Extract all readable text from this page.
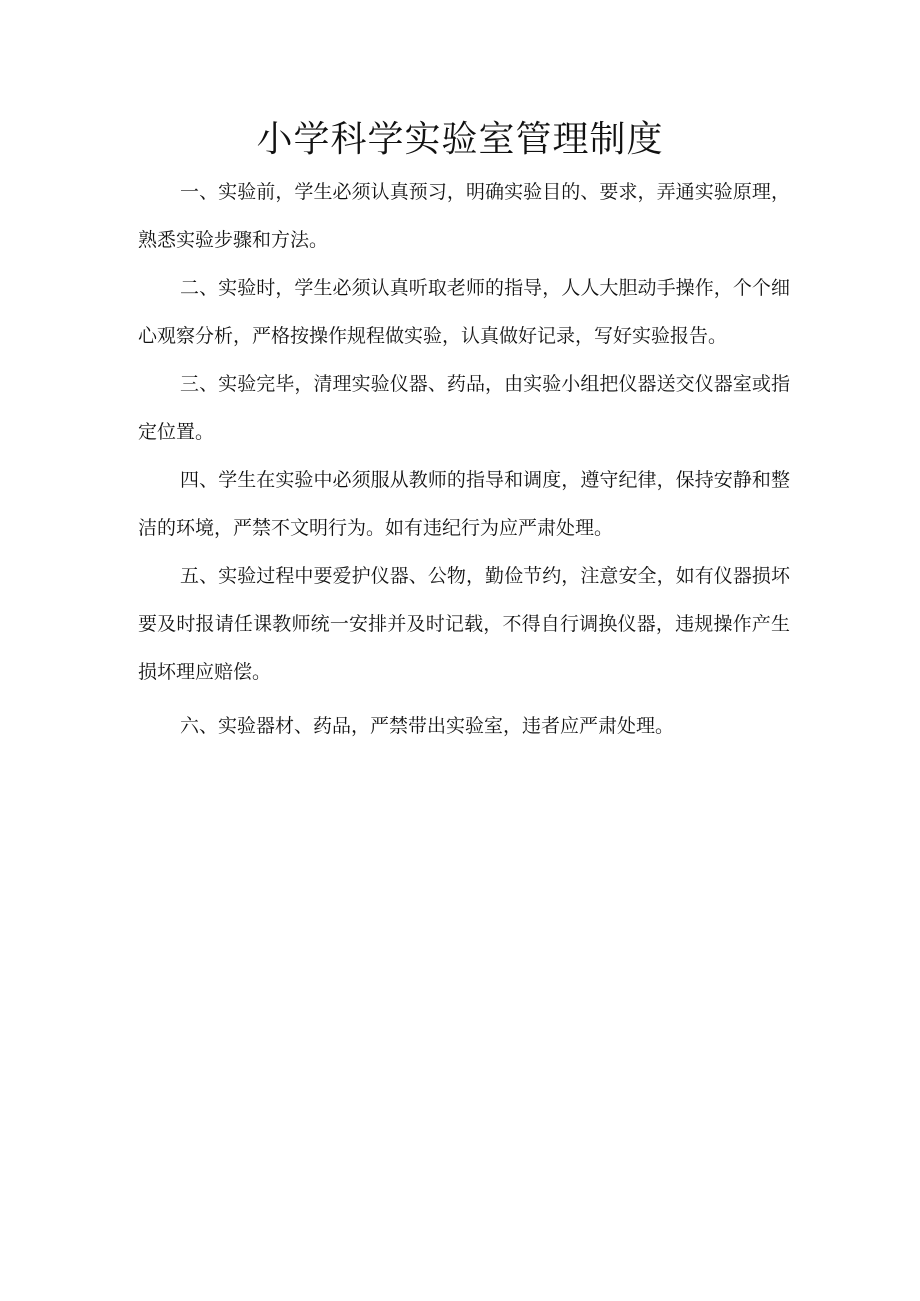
小学科学实验室管理制度

一、实验前，学生必须认真预习，明确实验目的、要求，弄通实验原理，熟悉实验步骤和方法。

二、实验时，学生必须认真听取老师的指导，人人大胆动手操作，个个细心观察分析，严格按操作规程做实验，认真做好记录，写好实验报告。

三、实验完毕，清理实验仪器、药品，由实验小组把仪器送交仪器室或指定位置。

四、学生在实验中必须服从教师的指导和调度，遵守纪律，保持安静和整洁的环境，严禁不文明行为。如有违纪行为应严肃处理。

五、实验过程中要爱护仪器、公物，勤俭节约，注意安全，如有仪器损坏要及时报请任课教师统一安排并及时记载，不得自行调换仪器，违规操作产生损坏理应赔偿。

六、实验器材、药品，严禁带出实验室，违者应严肃处理。
